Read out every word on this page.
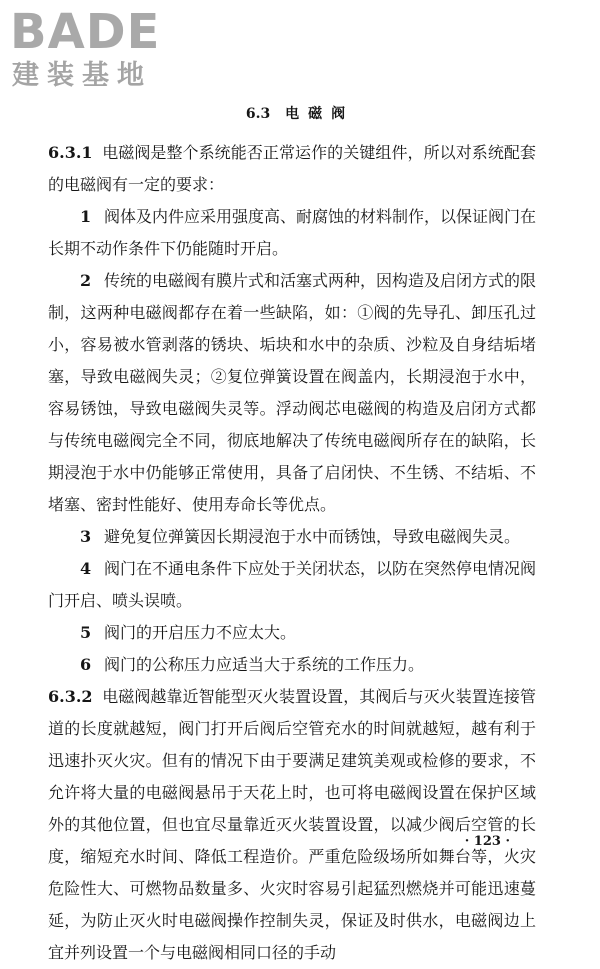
BADE
建装基地
6.3 电磁阀

6.3.1 电磁阀是整个系统能否正常运作的关键组件，所以对系统配套的电磁阀有一定的要求：

1 阀体及内件应采用强度高、耐腐蚀的材料制作，以保证阀门在长期不动作条件下仍能随时开启。

2 传统的电磁阀有膜片式和活塞式两种，因构造及启闭方式的限制，这两种电磁阀都存在着一些缺陷，如：①阀的先导孔、卸压孔过小，容易被水管剥落的锈块、垢块和水中的杂质、沙粒及自身结垢堵塞，导致电磁阀失灵；②复位弹簧设置在阀盖内，长期浸泡于水中，容易锈蚀，导致电磁阀失灵等。浮动阀芯电磁阀的构造及启闭方式都与传统电磁阀完全不同，彻底地解决了传统电磁阀所存在的缺陷，长期浸泡于水中仍能够正常使用，具备了启闭快、不生锈、不结垢、不堵塞、密封性能好、使用寿命长等优点。

3 避免复位弹簧因长期浸泡于水中而锈蚀，导致电磁阀失灵。

4 阀门在不通电条件下应处于关闭状态，以防在突然停电情况阀门开启、喷头误喷。

5 阀门的开启压力不应太大。

6 阀门的公称压力应适当大于系统的工作压力。

6.3.2 电磁阀越靠近智能型灭火装置设置，其阀后与灭火装置连接管道的长度就越短，阀门打开后阀后空管充水的时间就越短，越有利于迅速扑灭火灾。但有的情况下由于要满足建筑美观或检修的要求，不允许将大量的电磁阀悬吊于天花上时，也可将电磁阀设置在保护区域外的其他位置，但也宜尽量靠近灭火装置设置，以减少阀后空管的长度，缩短充水时间、降低工程造价。严重危险级场所如舞台等，火灾危险性大、可燃物品数量多、火灾时容易引起猛烈燃烧并可能迅速蔓延，为防止灭火时电磁阀操作控制失灵，保证及时供水，电磁阀边上宜并列设置一个与电磁阀相同口径的手动

· 123 ·
